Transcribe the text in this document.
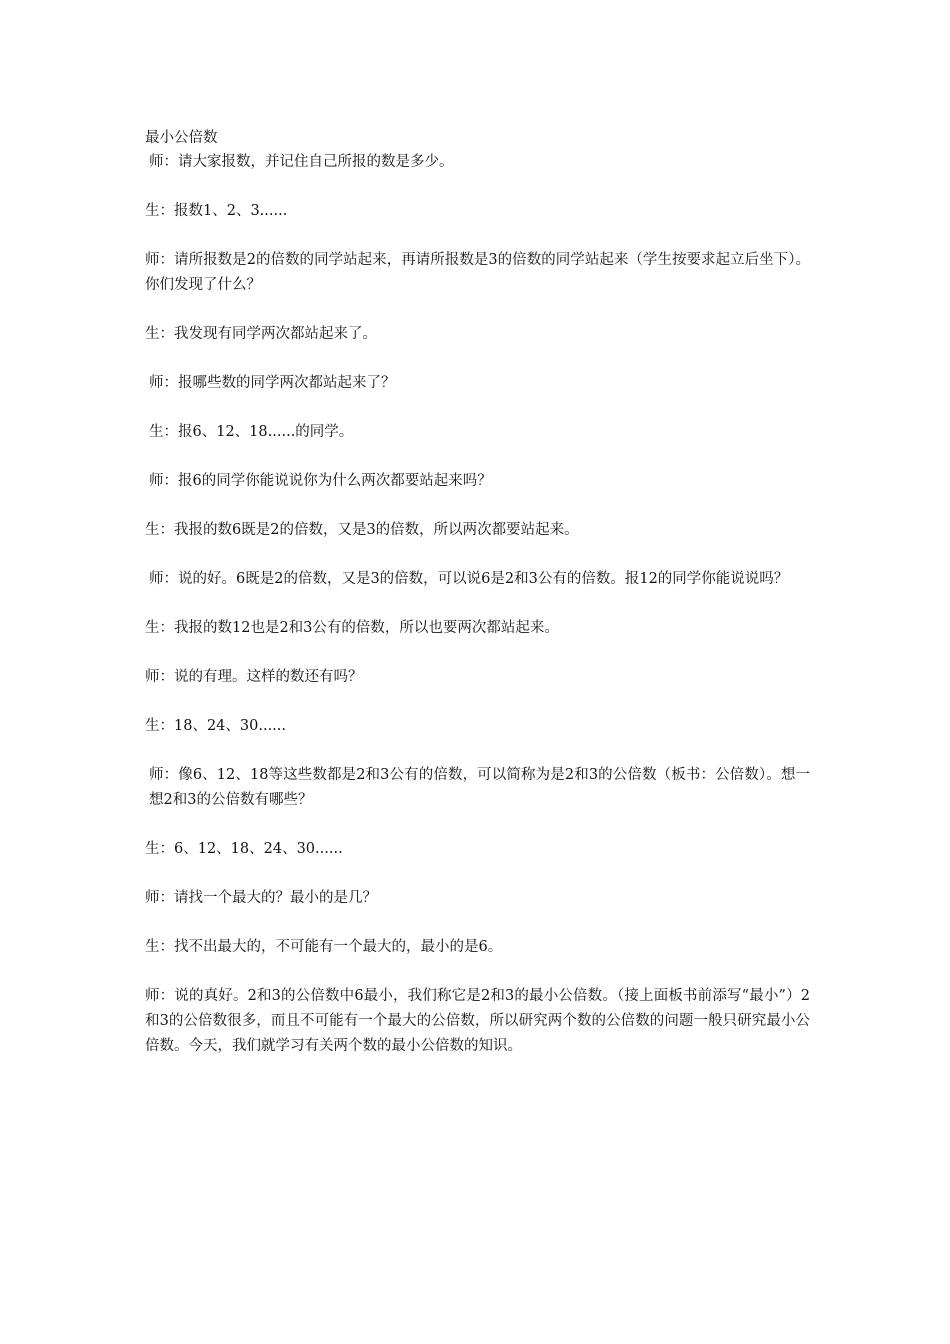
最小公倍数

师：请大家报数，并记住自己所报的数是多少。

生：报数1、2、3......

师：请所报数是2的倍数的同学站起来，再请所报数是3的倍数的同学站起来（学生按要求起立后坐下）。你们发现了什么？

生：我发现有同学两次都站起来了。

师：报哪些数的同学两次都站起来了？

生：报6、12、18......的同学。

师：报6的同学你能说说你为什么两次都要站起来吗？

生：我报的数6既是2的倍数，又是3的倍数，所以两次都要站起来。

师：说的好。6既是2的倍数，又是3的倍数，可以说6是2和3公有的倍数。报12的同学你能说说吗？

生：我报的数12也是2和3公有的倍数，所以也要两次都站起来。

师：说的有理。这样的数还有吗？

生：18、24、30......

师：像6、12、18等这些数都是2和3公有的倍数，可以简称为是2和3的公倍数（板书：公倍数）。想一想2和3的公倍数有哪些？

生：6、12、18、24、30......

师：请找一个最大的？最小的是几？

生：找不出最大的，不可能有一个最大的，最小的是6。

师：说的真好。2和3的公倍数中6最小，我们称它是2和3的最小公倍数。（接上面板书前添写“最小”）2和3的公倍数很多，而且不可能有一个最大的公倍数，所以研究两个数的公倍数的问题一般只研究最小公倍数。今天，我们就学习有关两个数的最小公倍数的知识。
